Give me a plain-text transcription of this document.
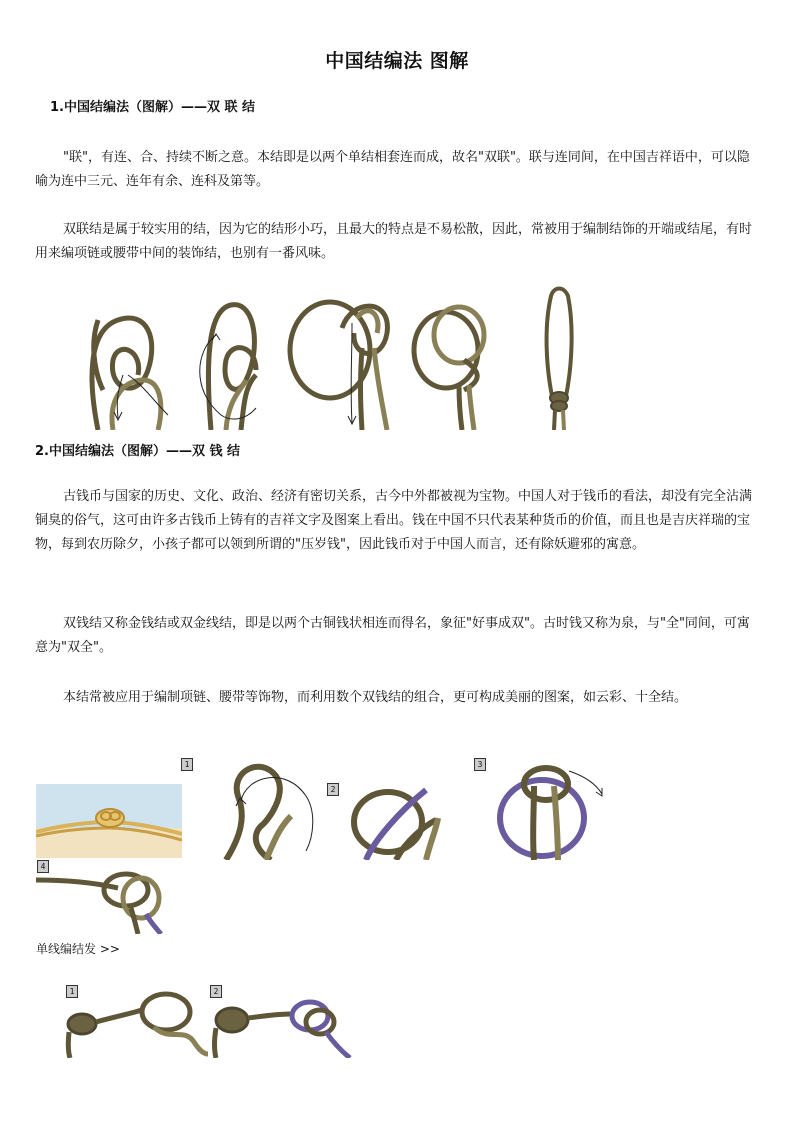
中国结编法 图解
1.中国结编法（图解）——双 联 结

"联"，有连、合、持续不断之意。本结即是以两个单结相套连而成，故名"双联"。联与连同间，在中国吉祥语中，可以隐喻为连中三元、连年有余、连科及第等。

双联结是属于较实用的结，因为它的结形小巧，且最大的特点是不易松散，因此，常被用于编制结饰的开端或结尾，有时用来编项链或腰带中间的装饰结，也别有一番风味。

2.中国结编法（图解）——双 钱 结

古钱币与国家的历史、文化、政治、经济有密切关系，古今中外都被视为宝物。中国人对于钱币的看法，却没有完全沾满铜臭的俗气，这可由许多古钱币上铸有的吉祥文字及图案上看出。钱在中国不只代表某种货币的价值，而且也是吉庆祥瑞的宝物，每到农历除夕，小孩子都可以领到所谓的"压岁钱"，因此钱币对于中国人而言，还有除妖避邪的寓意。

双钱结又称金钱结或双金线结，即是以两个古铜钱状相连而得名，象征"好事成双"。古时钱又称为泉，与"全"同间，可寓意为"双全"。

本结常被应用于编制项链、腰带等饰物，而利用数个双钱结的组合，更可构成美丽的图案，如云彩、十全结。

1
2
3
4
单线编结发 >>
1	2
